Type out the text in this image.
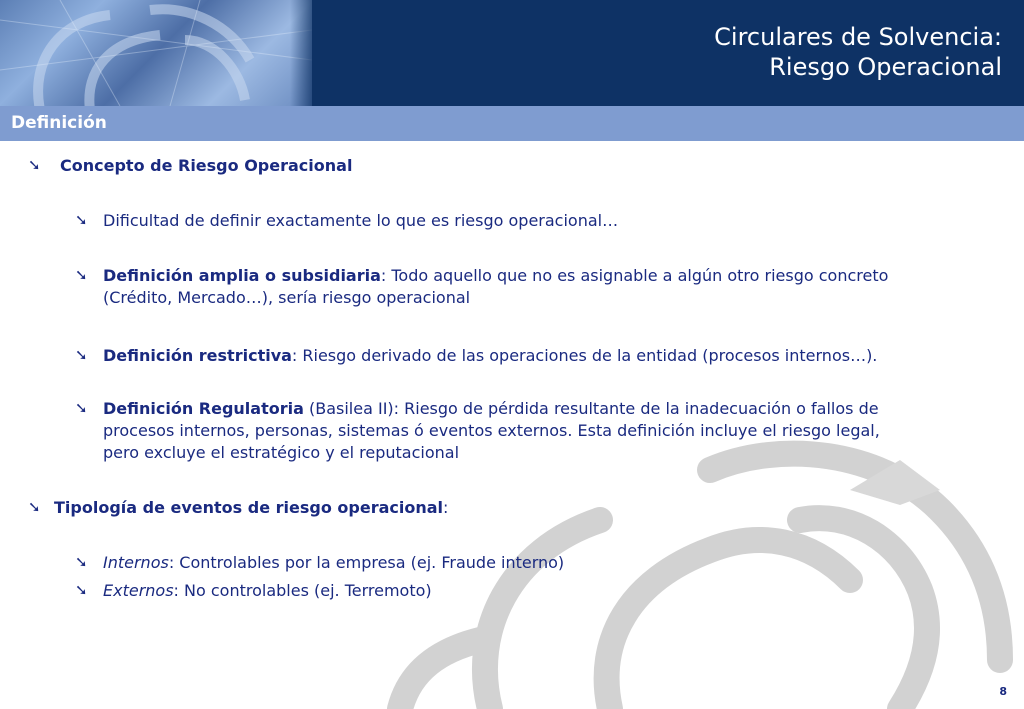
Circulares de Solvencia:
Riesgo Operacional
Definición
➘ Concepto de Riesgo Operacional
➘ Dificultad de definir exactamente lo que es riesgo operacional…
➘ Definición amplia o subsidiaria: Todo aquello que no es asignable a algún otro riesgo concreto
(Crédito, Mercado…), sería riesgo operacional
➘ Definición restrictiva: Riesgo derivado de las operaciones de la entidad (procesos internos…).
➘ Definición Regulatoria (Basilea II): Riesgo de pérdida resultante de la inadecuación o fallos de
procesos internos, personas, sistemas ó eventos externos. Esta definición incluye el riesgo legal,
pero excluye el estratégico y el reputacional
➘ Tipología de eventos de riesgo operacional:
➘ Internos: Controlables por la empresa (ej. Fraude interno)
➘ Externos: No controlables (ej. Terremoto)
8
